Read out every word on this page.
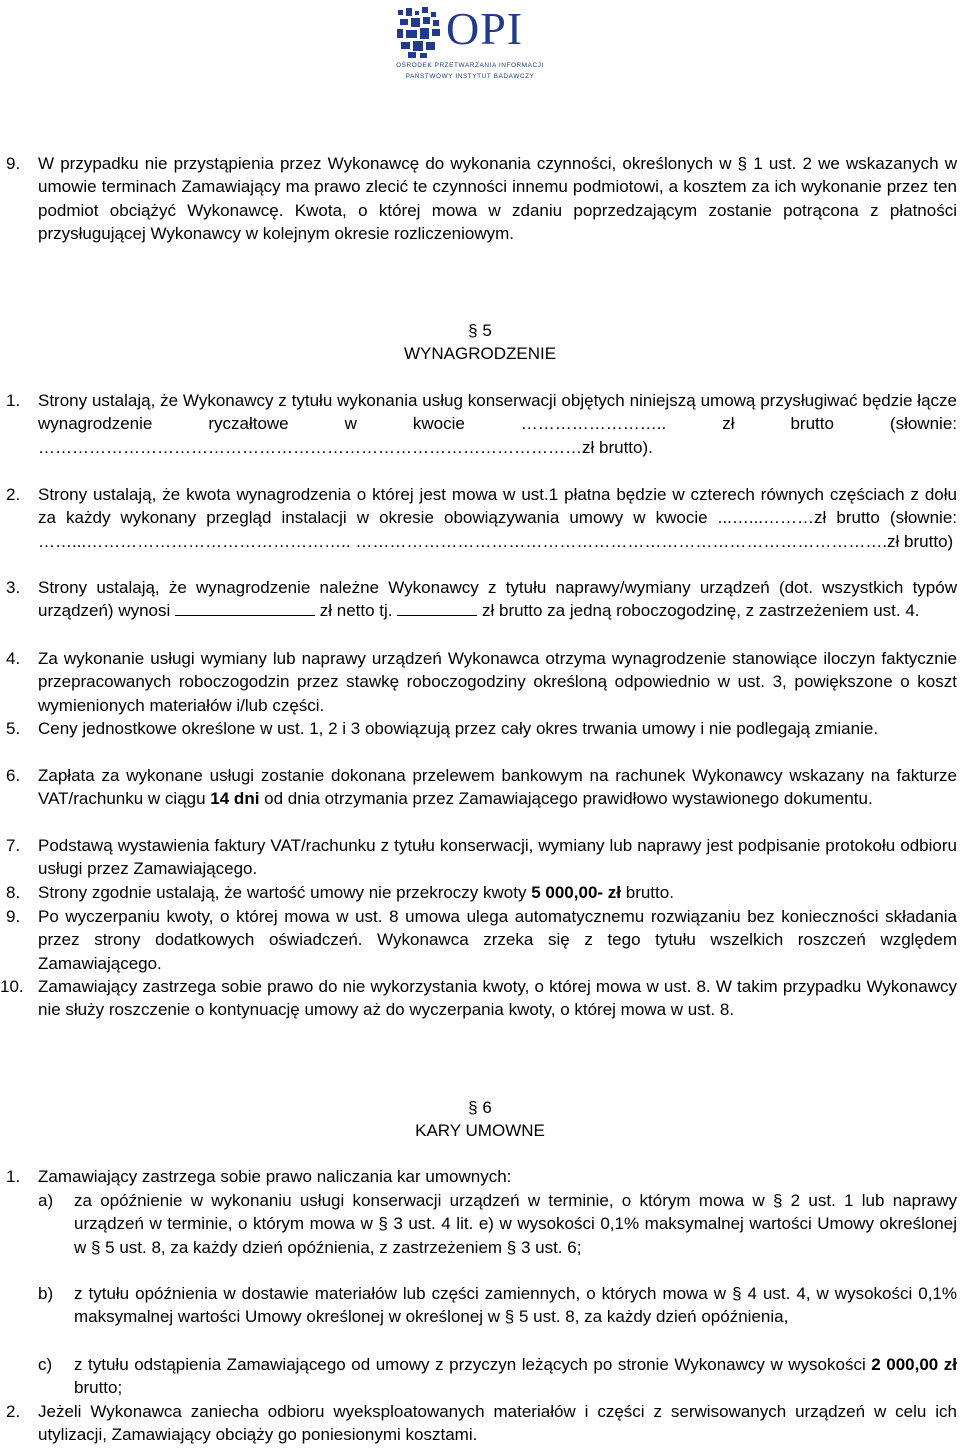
OPI
OŚRODEK PRZETWARZANIA INFORMACJI
PAŃSTWOWY INSTYTUT BADAWCZY
9. W przypadku nie przystąpienia przez Wykonawcę do wykonania czynności, określonych w § 1 ust. 2 we wskazanych w umowie terminach Zamawiający ma prawo zlecić te czynności innemu podmiotowi, a kosztem za ich wykonanie przez ten podmiot obciążyć Wykonawcę. Kwota, o której mowa w zdaniu poprzedzającym zostanie potrącona z płatności przysługującej Wykonawcy w kolejnym okresie rozliczeniowym.
§ 5
WYNAGRODZENIE
1. Strony ustalają, że Wykonawcy z tytułu wykonania usług konserwacji objętych niniejszą umową przysługiwać będzie łącze wynagrodzenie ryczałtowe w kwocie …………………….. zł brutto (słownie: ……………………………………………………………………………………zł brutto).
2. Strony ustalają, że kwota wynagrodzenia o której jest mowa w ust.1 płatna będzie w czterech równych częściach z dołu za każdy wykonany przegląd instalacji w okresie obowiązywania umowy w kwocie ...…...………zł brutto (słownie: ……...……………………………………….. ………………………………………………………………………………….zł brutto)
3. Strony ustalają, że wynagrodzenie należne Wykonawcy z tytułu naprawy/wymiany urządzeń (dot. wszystkich typów urządzeń) wynosi	zł netto tj.	zł brutto za jedną roboczogodzinę, z zastrzeżeniem ust. 4.
4. Za wykonanie usługi wymiany lub naprawy urządzeń Wykonawca otrzyma wynagrodzenie stanowiące iloczyn faktycznie przepracowanych roboczogodzin przez stawkę roboczogodziny określoną odpowiednio w ust. 3, powiększone o koszt wymienionych materiałów i/lub części.
5. Ceny jednostkowe określone w ust. 1, 2 i 3 obowiązują przez cały okres trwania umowy i nie podlegają zmianie.
6. Zapłata za wykonane usługi zostanie dokonana przelewem bankowym na rachunek Wykonawcy wskazany na fakturze VAT/rachunku w ciągu 14 dni od dnia otrzymania przez Zamawiającego prawidłowo wystawionego dokumentu.
7. Podstawą wystawienia faktury VAT/rachunku z tytułu konserwacji, wymiany lub naprawy jest podpisanie protokołu odbioru usługi przez Zamawiającego.
8. Strony zgodnie ustalają, że wartość umowy nie przekroczy kwoty 5 000,00- zł brutto.
9. Po wyczerpaniu kwoty, o której mowa w ust. 8 umowa ulega automatycznemu rozwiązaniu bez konieczności składania przez strony dodatkowych oświadczeń. Wykonawca zrzeka się z tego tytułu wszelkich roszczeń względem Zamawiającego.
10. Zamawiający zastrzega sobie prawo do nie wykorzystania kwoty, o której mowa w ust. 8. W takim przypadku Wykonawcy nie służy roszczenie o kontynuację umowy aż do wyczerpania kwoty, o której mowa w ust. 8.
§ 6
KARY UMOWNE
1. Zamawiający zastrzega sobie prawo naliczania kar umownych:
a) za opóźnienie w wykonaniu usługi konserwacji urządzeń w terminie, o którym mowa w § 2 ust. 1 lub naprawy urządzeń w terminie, o którym mowa w § 3 ust. 4 lit. e) w wysokości 0,1% maksymalnej wartości Umowy określonej w § 5 ust. 8, za każdy dzień opóźnienia, z zastrzeżeniem § 3 ust. 6;
b) z tytułu opóźnienia w dostawie materiałów lub części zamiennych, o których mowa w § 4 ust. 4, w wysokości 0,1% maksymalnej wartości Umowy określonej w określonej w § 5 ust. 8, za każdy dzień opóźnienia,
c) z tytułu odstąpienia Zamawiającego od umowy z przyczyn leżących po stronie Wykonawcy w wysokości 2 000,00 zł brutto;
2. Jeżeli Wykonawca zaniecha odbioru wyeksploatowanych materiałów i części z serwisowanych urządzeń w celu ich utylizacji, Zamawiający obciąży go poniesionymi kosztami.
